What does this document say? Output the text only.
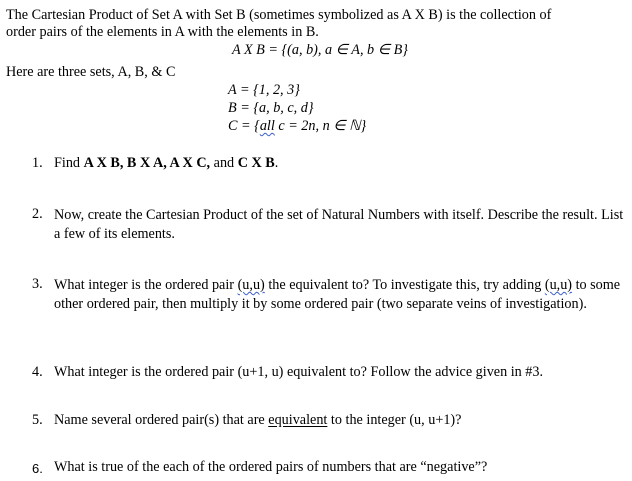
The Cartesian Product of Set A with Set B (sometimes symbolized as A X B) is the collection of
order pairs of the elements in A with the elements in B.
A X B = {(a, b), a ∈ A, b ∈ B}
Here are three sets, A, B, & C
A = {1, 2, 3}
B = {a, b, c, d}
C = {all c = 2n, n ∈ ℕ}
1. Find A X B, B X A, A X C, and C X B.
2. Now, create the Cartesian Product of the set of Natural Numbers with itself. Describe the result. List a few of its elements.
3. What integer is the ordered pair (u,u) the equivalent to? To investigate this, try adding (u,u) to some other ordered pair, then multiply it by some ordered pair (two separate veins of investigation).
4. What integer is the ordered pair (u+1, u) equivalent to? Follow the advice given in #3.
5. Name several ordered pair(s) that are equivalent to the integer (u, u+1)?
6. What is true of the each of the ordered pairs of numbers that are “negative”?
